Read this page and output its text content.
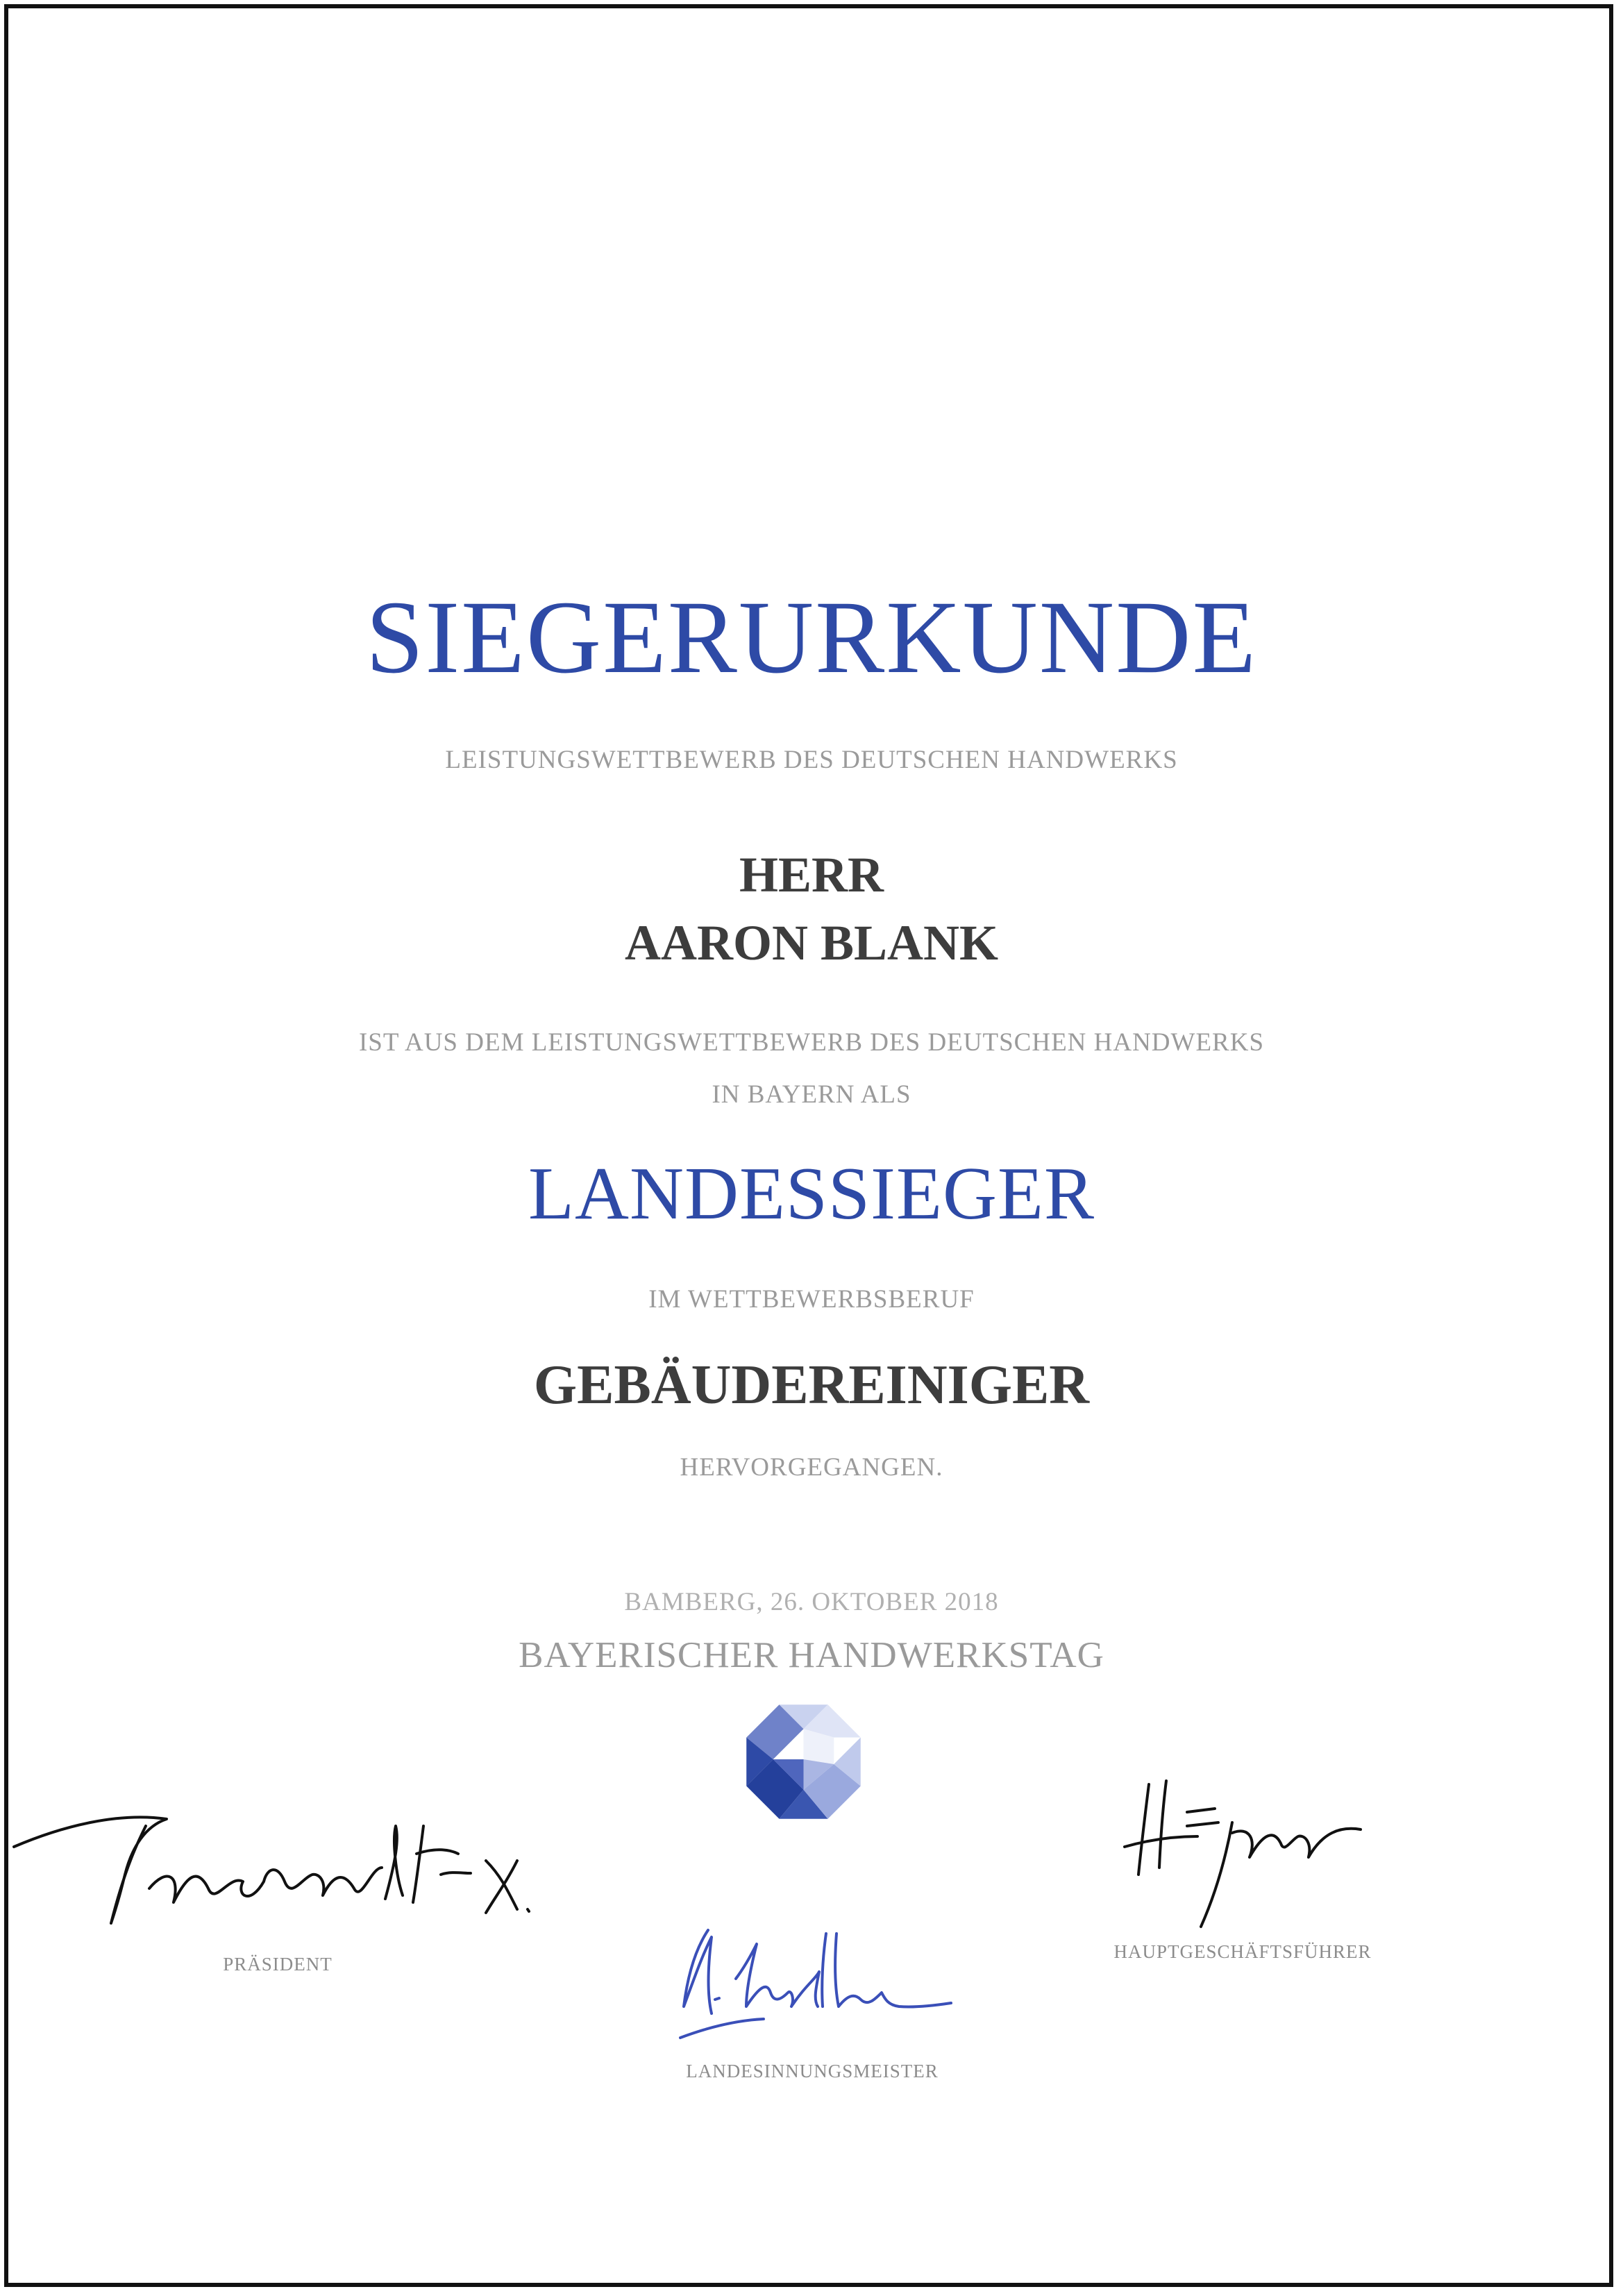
SIEGERURKUNDE
LEISTUNGSWETTBEWERB DES DEUTSCHEN HANDWERKS
HERR
AARON BLANK
IST AUS DEM LEISTUNGSWETTBEWERB DES DEUTSCHEN HANDWERKS
IN BAYERN ALS
LANDESSIEGER
IM WETTBEWERBSBERUF
GEBÄUDEREINIGER
HERVORGEGANGEN.
BAMBERG, 26. OKTOBER 2018
BAYERISCHER HANDWERKSTAG
PRÄSIDENT
LANDESINNUNGSMEISTER
HAUPTGESCHÄFTSFÜHRER
